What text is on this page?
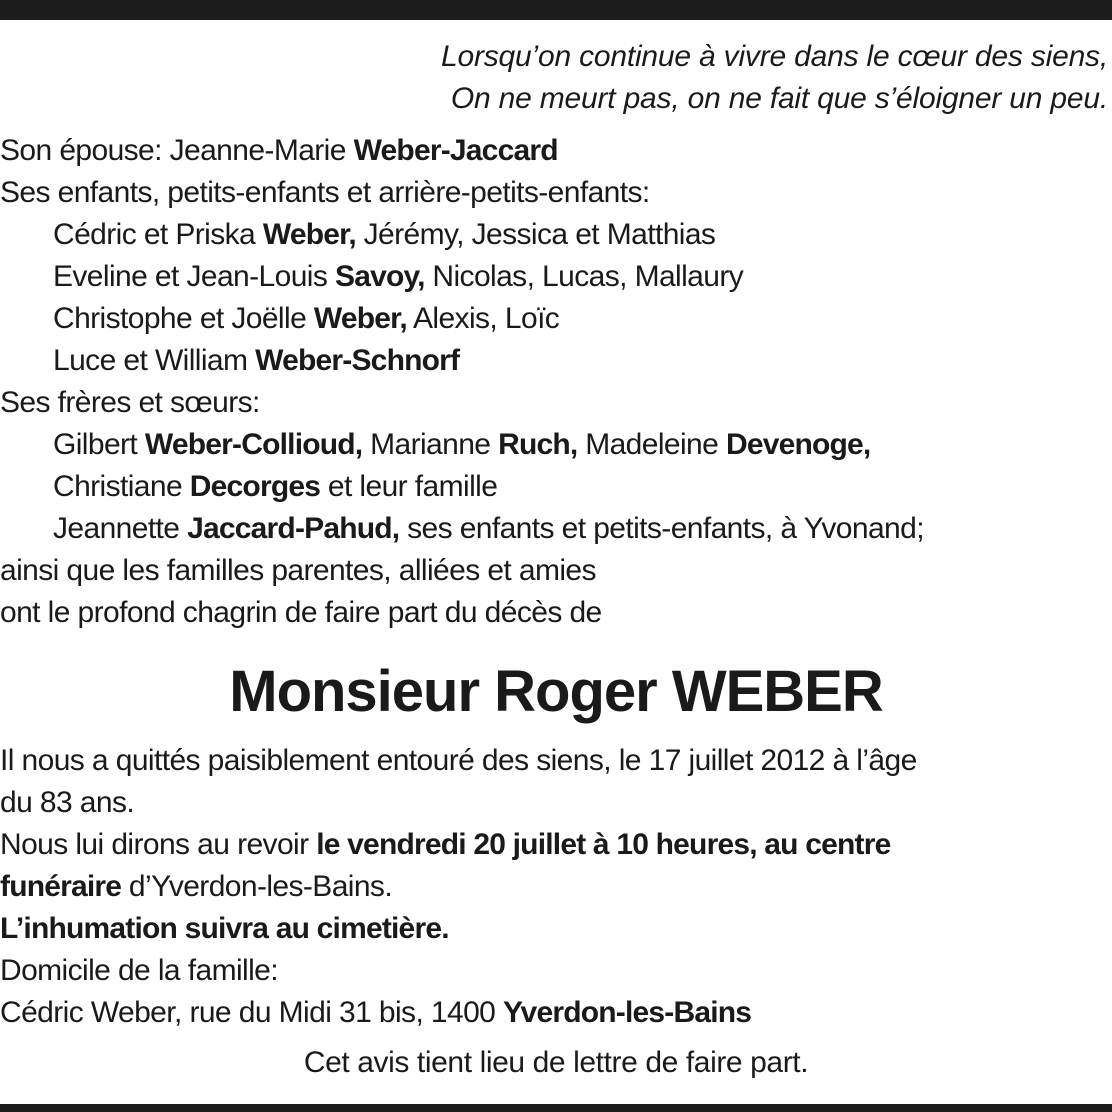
Lorsqu’on continue à vivre dans le cœur des siens,
On ne meurt pas, on ne fait que s’éloigner un peu.
Son épouse: Jeanne-Marie Weber-Jaccard
Ses enfants, petits-enfants et arrière-petits-enfants:
Cédric et Priska Weber, Jérémy, Jessica et Matthias
Eveline et Jean-Louis Savoy, Nicolas, Lucas, Mallaury
Christophe et Joëlle Weber, Alexis, Loïc
Luce et William Weber-Schnorf
Ses frères et sœurs:
Gilbert Weber-Collioud, Marianne Ruch, Madeleine Devenoge,
Christiane Decorges et leur famille
Jeannette Jaccard-Pahud, ses enfants et petits-enfants, à Yvonand;
ainsi que les familles parentes, alliées et amies
ont le profond chagrin de faire part du décès de
Monsieur Roger WEBER
Il nous a quittés paisiblement entouré des siens, le 17 juillet 2012 à l’âge
du 83 ans.
Nous lui dirons au revoir le vendredi 20 juillet à 10 heures, au centre
funéraire d’Yverdon-les-Bains.
L’inhumation suivra au cimetière.
Domicile de la famille:
Cédric Weber, rue du Midi 31 bis, 1400 Yverdon-les-Bains
Cet avis tient lieu de lettre de faire part.
